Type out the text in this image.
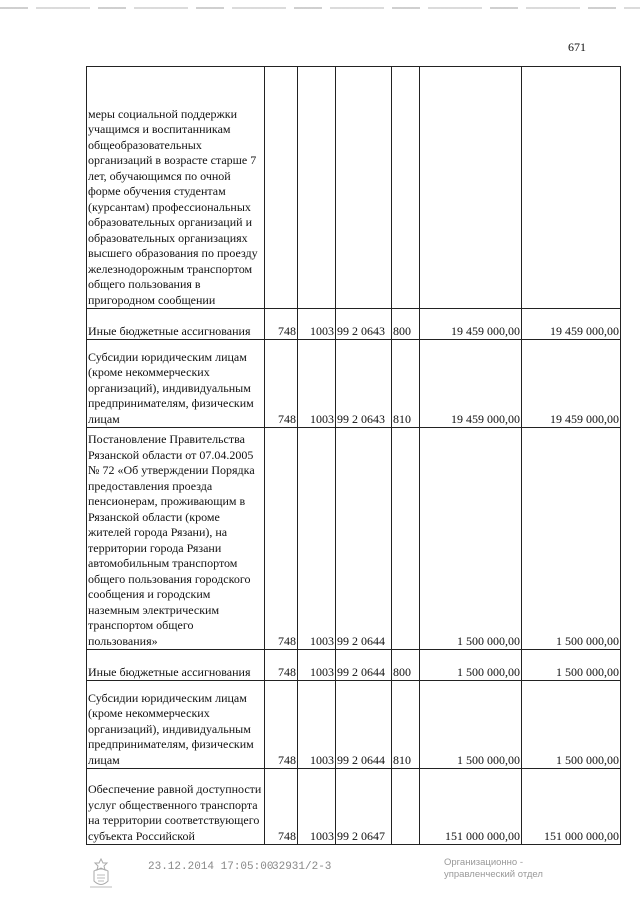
671
меры социальной поддержки учащимся и воспитанникам общеобразовательных организаций в возрасте старше 7 лет, обучающимся по очной форме обучения студентам (курсантам) профессиональных образовательных организаций и образовательных организациях высшего образования по проезду железнодорожным транспортом общего пользования в пригородном сообщении						
Иные бюджетные ассигнования	748	1003	99 2 0643	800	19 459 000,00	19 459 000,00
Субсидии юридическим лицам (кроме некоммерческих организаций), индивидуальным предпринимателям, физическим лицам	748	1003	99 2 0643	810	19 459 000,00	19 459 000,00
Постановление Правительства Рязанской области от 07.04.2005 № 72 «Об утверждении Порядка предоставления проезда пенсионерам, проживающим в Рязанской области (кроме жителей города Рязани), на территории города Рязани автомобильным транспортом общего пользования городского сообщения и городским наземным электрическим транспортом общего пользования»	748	1003	99 2 0644		1 500 000,00	1 500 000,00
Иные бюджетные ассигнования	748	1003	99 2 0644	800	1 500 000,00	1 500 000,00
Субсидии юридическим лицам (кроме некоммерческих организаций), индивидуальным предпринимателям, физическим лицам	748	1003	99 2 0644	810	1 500 000,00	1 500 000,00
Обеспечение равной доступности услуг общественного транспорта на территории соответствующего субъекта Российской	748	1003	99 2 0647		151 000 000,00	151 000 000,00
23.12.2014 17:05:00
32931/2-3	Организационно -
управленческий отдел
